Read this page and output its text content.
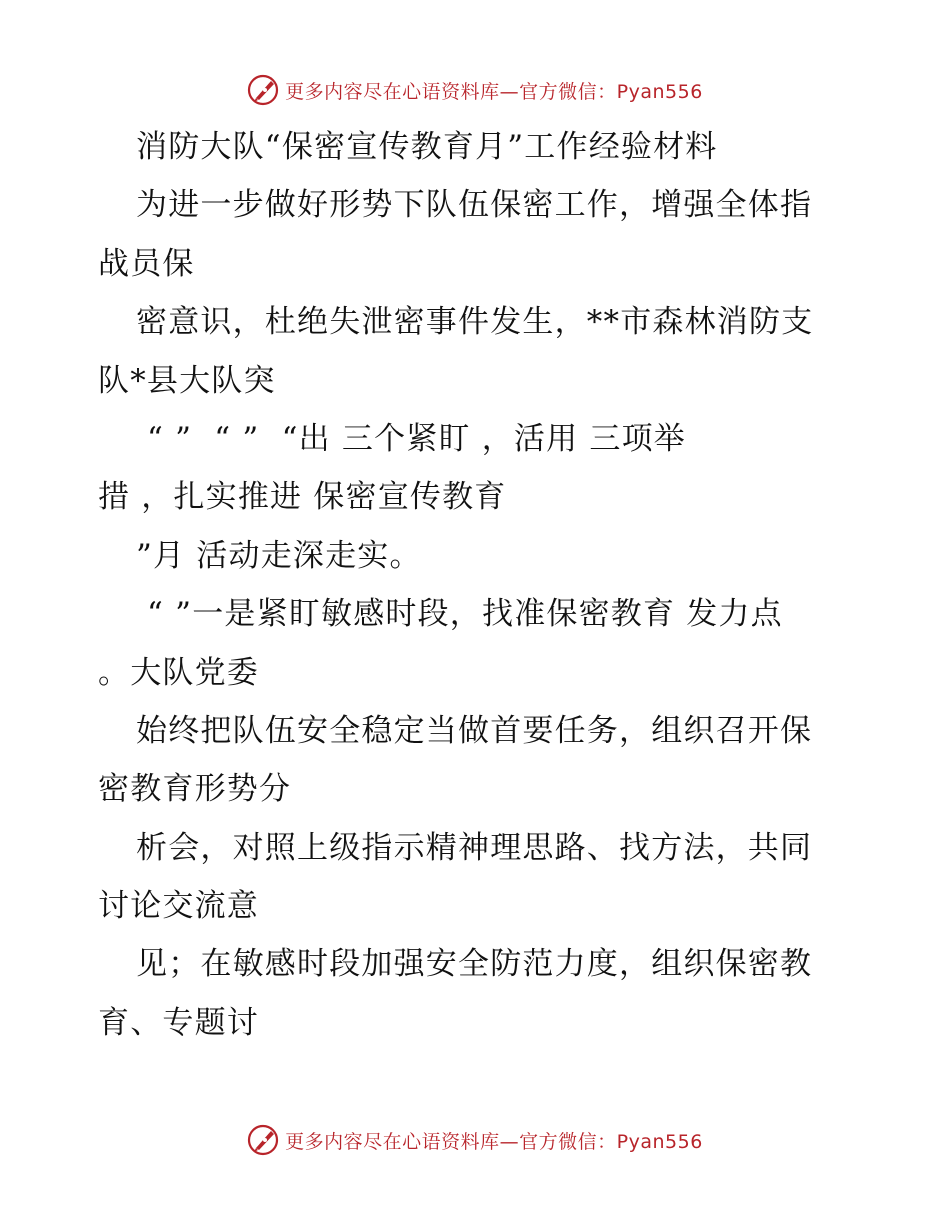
更多内容尽在心语资料库—官方微信：Pyan556
消防大队“保密宣传教育月”工作经验材料
为进一步做好形势下队伍保密工作，增强全体指
战员保
密意识，杜绝失泄密事件发生，**市森林消防支
队*县大队突
“ ”  “ ”  “出 三个紧盯 ，活用 三项举
措 ，扎实推进 保密宣传教育
”月 活动走深走实。
“ ”一是紧盯敏感时段，找准保密教育 发力点
。大队党委
始终把队伍安全稳定当做首要任务，组织召开保
密教育形势分
析会，对照上级指示精神理思路、找方法，共同
讨论交流意
见；在敏感时段加强安全防范力度，组织保密教
育、专题讨
更多内容尽在心语资料库—官方微信：Pyan556
